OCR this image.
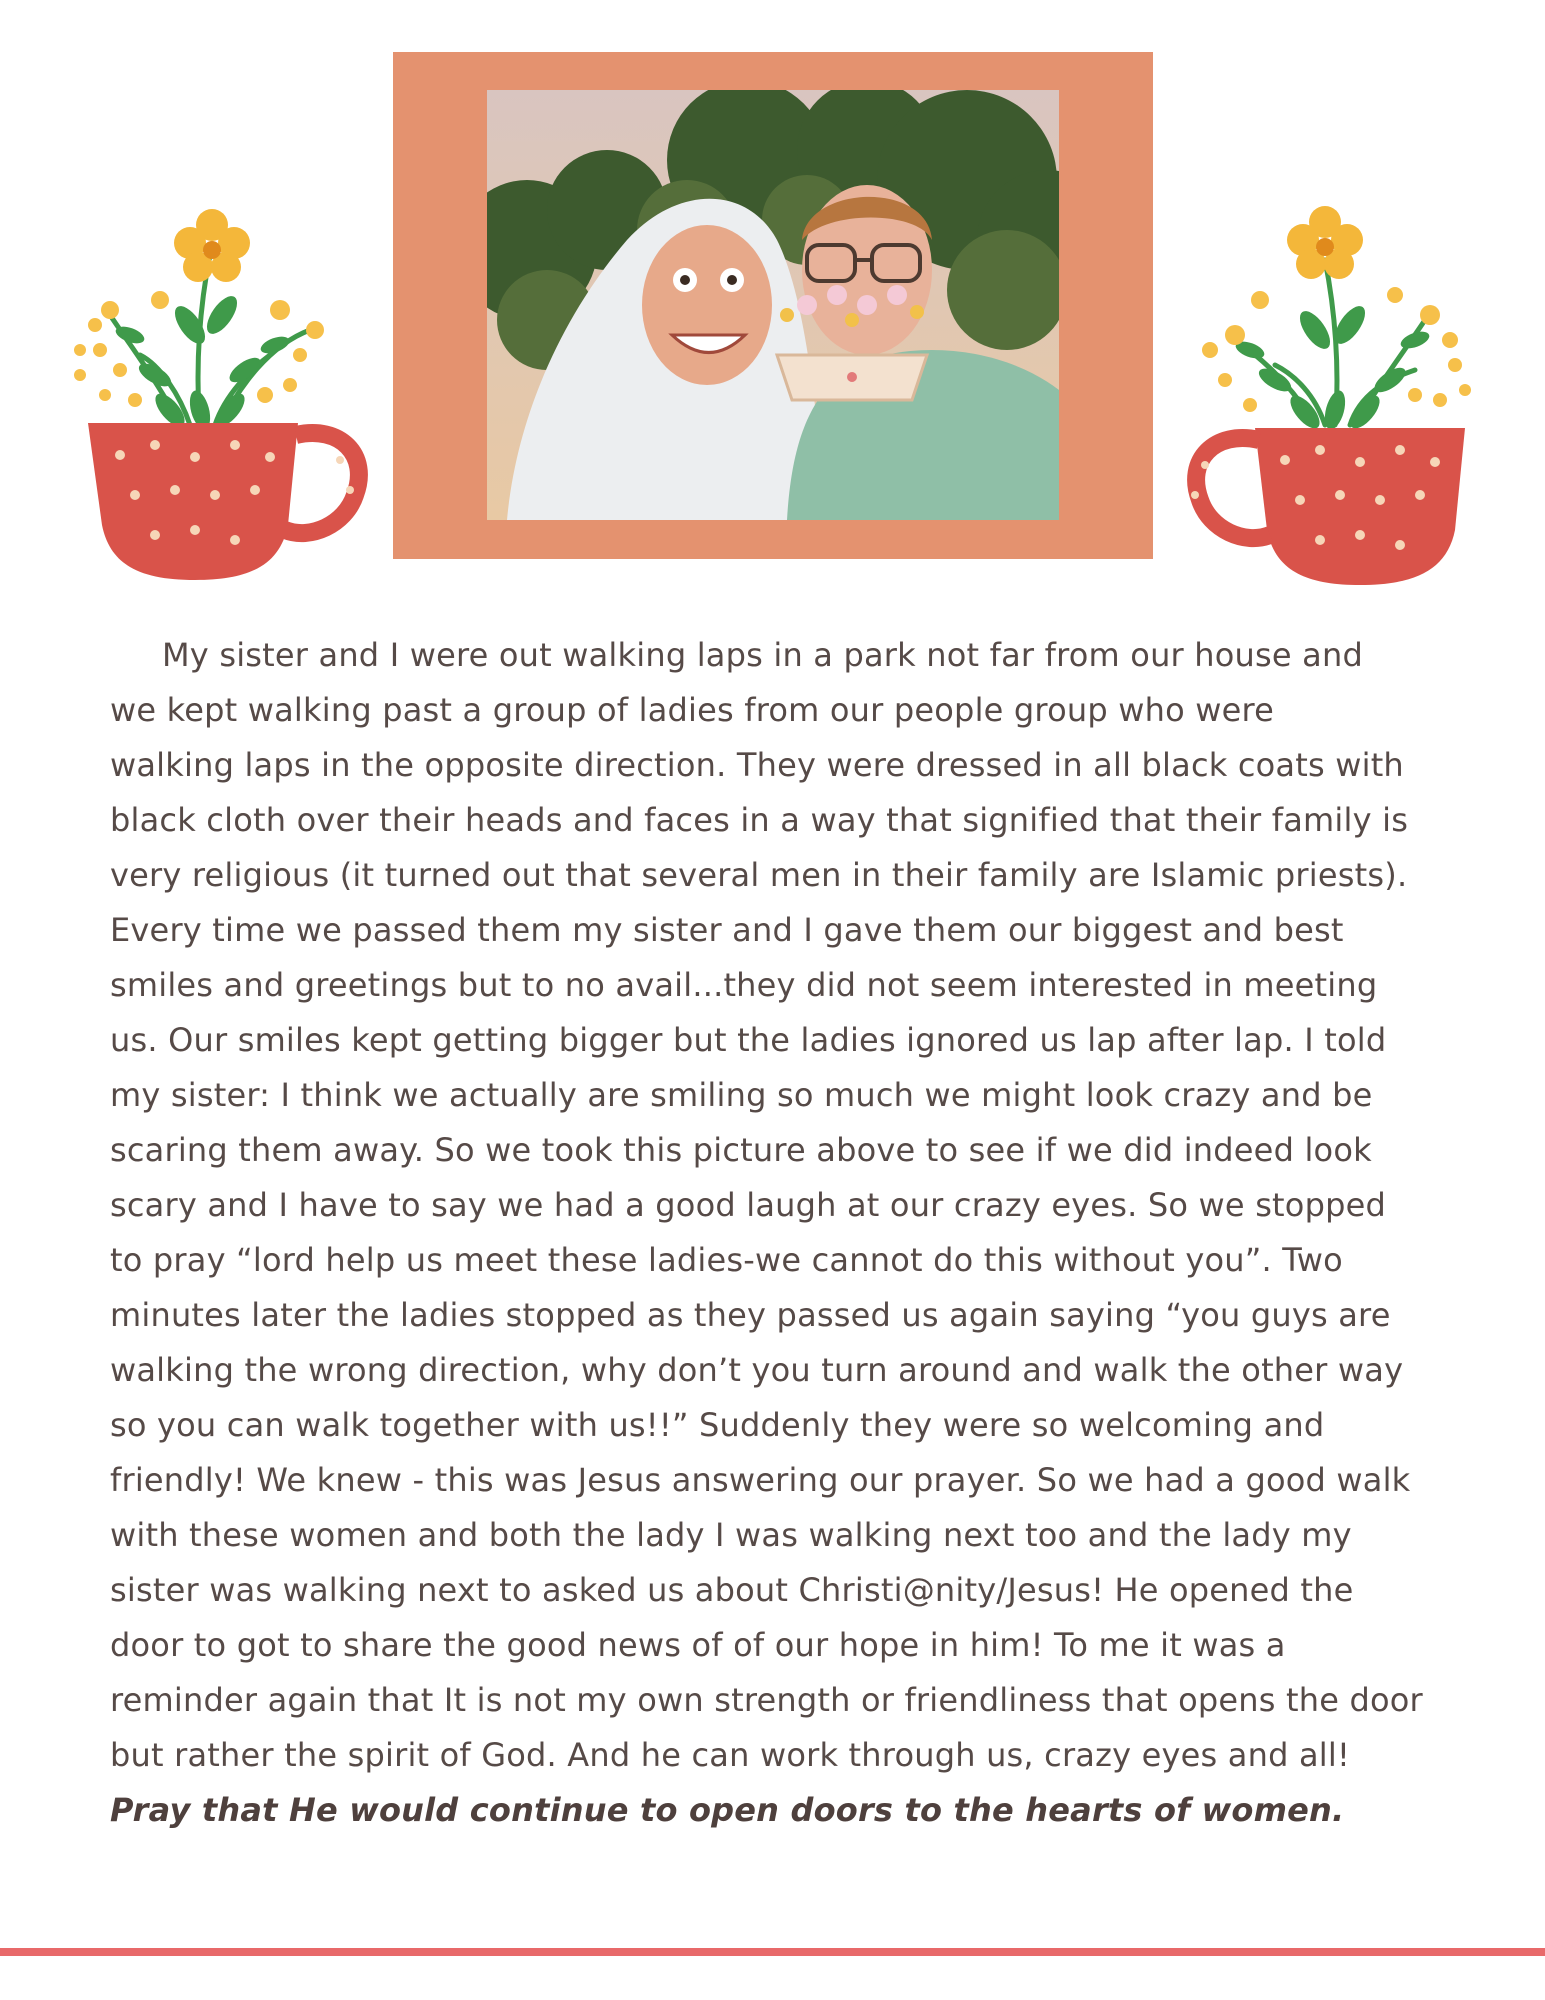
My sister and I were out walking laps in a park not far from our house and
we kept walking past a group of ladies from our people group who were
walking laps in the opposite direction. They were dressed in all black coats with
black cloth over their heads and faces in a way that signified that their family is
very religious (it turned out that several men in their family are Islamic priests).
Every time we passed them my sister and I gave them our biggest and best
smiles and greetings but to no avail...they did not seem interested in meeting
us. Our smiles kept getting bigger but the ladies ignored us lap after lap. I told
my sister: I think we actually are smiling so much we might look crazy and be
scaring them away. So we took this picture above to see if we did indeed look
scary and I have to say we had a good laugh at our crazy eyes. So we stopped
to pray “lord help us meet these ladies-we cannot do this without you”. Two
minutes later the ladies stopped as they passed us again saying “you guys are
walking the wrong direction, why don’t you turn around and walk the other way
so you can walk together with us!!” Suddenly they were so welcoming and
friendly! We knew - this was Jesus answering our prayer. So we had a good walk
with these women and both the lady I was walking next too and the lady my
sister was walking next to asked us about Christi@nity/Jesus! He opened the
door to got to share the good news of of our hope in him! To me it was a
reminder again that It is not my own strength or friendliness that opens the door
but rather the spirit of God. And he can work through us, crazy eyes and all!
Pray that He would continue to open doors to the hearts of women.
